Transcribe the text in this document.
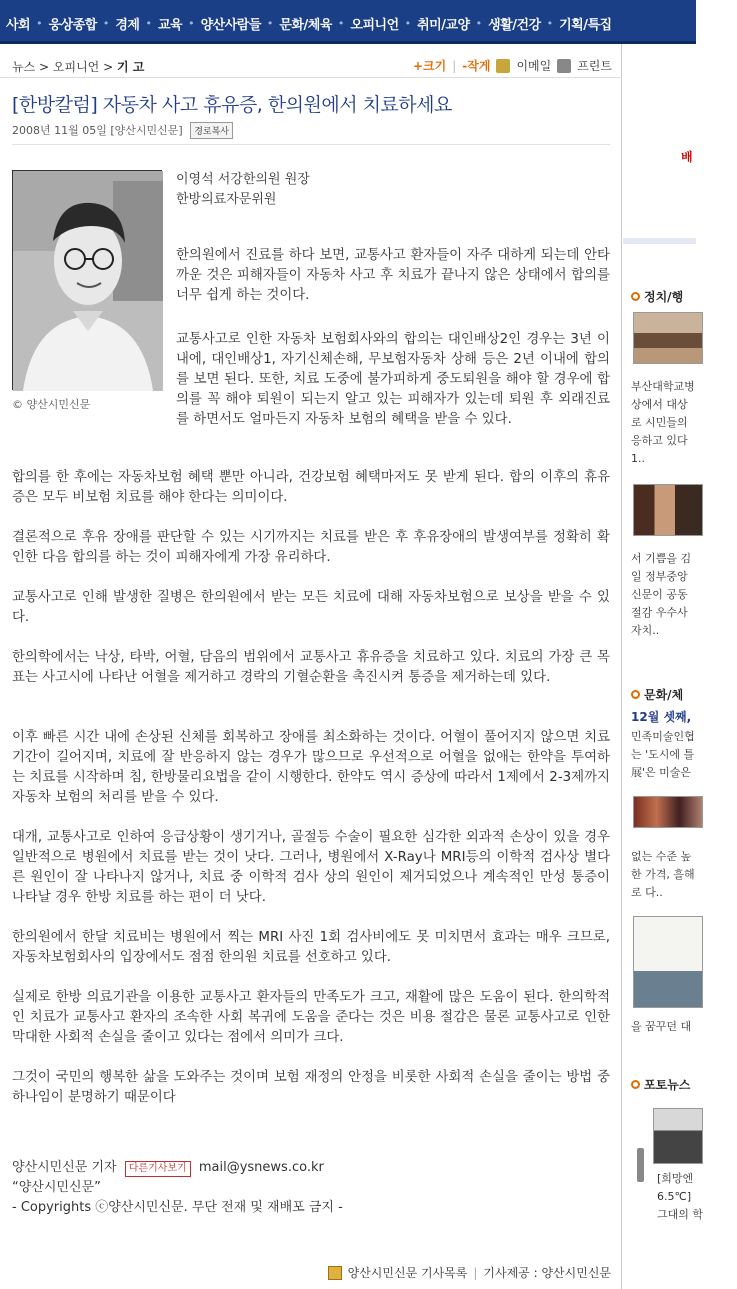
사회 • 웅상종합 • 경제 • 교육 • 양산사람들 • 문화/체육 • 오피니언 • 취미/교양 • 생활/건강 • 기획/특집
뉴스 > 오피니언 > 기 고	+크기 | -작게 이메일 프린트
[한방칼럼] 자동차 사고 휴유증, 한의원에서 치료하세요
2008년 11월 05일 [양산시민신문] 경로복사
© 양산시민신문
이영석 서강한의원 원장
한방의료자문위원

한의원에서 진료를 하다 보면, 교통사고 환자들이 자주 대하게 되는데 안타까운 것은 피해자들이 자동차 사고 후 치료가 끝나지 않은 상태에서 합의를 너무 쉽게 하는 것이다.

교통사고로 인한 자동차 보험회사와의 합의는 대인배상2인 경우는 3년 이내에, 대인배상1, 자기신체손해, 무보험자동차 상해 등은 2년 이내에 합의를 보면 된다. 또한, 치료 도중에 불가피하게 중도퇴원을 해야 할 경우에 합의를 꼭 해야 퇴원이 되는지 알고 있는 피해자가 있는데 퇴원 후 외래진료를 하면서도 얼마든지 자동차 보험의 혜택을 받을 수 있다.

합의를 한 후에는 자동차보험 혜택 뿐만 아니라, 건강보험 혜택마저도 못 받게 된다. 합의 이후의 휴유증은 모두 비보험 치료를 해야 한다는 의미이다.

결론적으로 후유 장애를 판단할 수 있는 시기까지는 치료를 받은 후 후유장애의 발생여부를 정확히 확인한 다음 합의를 하는 것이 피해자에게 가장 유리하다.

교통사고로 인해 발생한 질병은 한의원에서 받는 모든 치료에 대해 자동차보험으로 보상을 받을 수 있다.

한의학에서는 낙상, 타박, 어혈, 담음의 범위에서 교통사고 휴유증을 치료하고 있다. 치료의 가장 큰 목표는 사고시에 나타난 어혈을 제거하고 경락의 기혈순환을 촉진시켜 통증을 제거하는데 있다.

이후 빠른 시간 내에 손상된 신체를 회복하고 장애를 최소화하는 것이다. 어혈이 풀어지지 않으면 치료기간이 길어지며, 치료에 잘 반응하지 않는 경우가 많으므로 우선적으로 어혈을 없애는 한약을 투여하는 치료를 시작하며 침, 한방물리요법을 같이 시행한다. 한약도 역시 증상에 따라서 1제에서 2-3제까지 자동차 보험의 처리를 받을 수 있다.

대개, 교통사고로 인하여 응급상황이 생기거나, 골절등 수술이 필요한 심각한 외과적 손상이 있을 경우 일반적으로 병원에서 치료를 받는 것이 낫다. 그러나, 병원에서 X-Ray나 MRI등의 이학적 검사상 별다른 원인이 잘 나타나지 않거나, 치료 중 이학적 검사 상의 원인이 제거되었으나 계속적인 만성 통증이 나타날 경우 한방 치료를 하는 편이 더 낫다.

한의원에서 한달 치료비는 병원에서 찍는 MRI 사진 1회 검사비에도 못 미치면서 효과는 매우 크므로, 자동차보험회사의 입장에서도 점점 한의원 치료를 선호하고 있다.

실제로 한방 의료기관을 이용한 교통사고 환자들의 만족도가 크고, 재활에 많은 도움이 된다. 한의학적인 치료가 교통사고 환자의 조속한 사회 복귀에 도움을 준다는 것은 비용 절감은 물론 교통사고로 인한 막대한 사회적 손실을 줄이고 있다는 점에서 의미가 크다.

그것이 국민의 행복한 삶을 도와주는 것이며 보험 재정의 안정을 비롯한 사회적 손실을 줄이는 방법 중 하나임이 분명하기 때문이다

양산시민신문 기자 다른기사보기 mail@ysnews.co.kr
“양산시민신문”
- Copyrights ⓒ양산시민신문. 무단 전재 및 재배포 금지 -
양산시민신문 기사목록 | 기사제공 : 양산시민신문
배
정치/행
부산대학교병
상에서 대상
로 시민들의
응하고 있다
1..
서 기쁨을 김
일 정부중앙
신문이 공동
절감 우수사
자치..
문화/체
12월 셋째,
민족미술인협
는 '도시에 틀
展'은 미술은
없는 수준 높
한 가격, 흘해
로 다..
을 꿈꾸던 대
포토뉴스
[희망엔
6.5℃]
그대의 학
